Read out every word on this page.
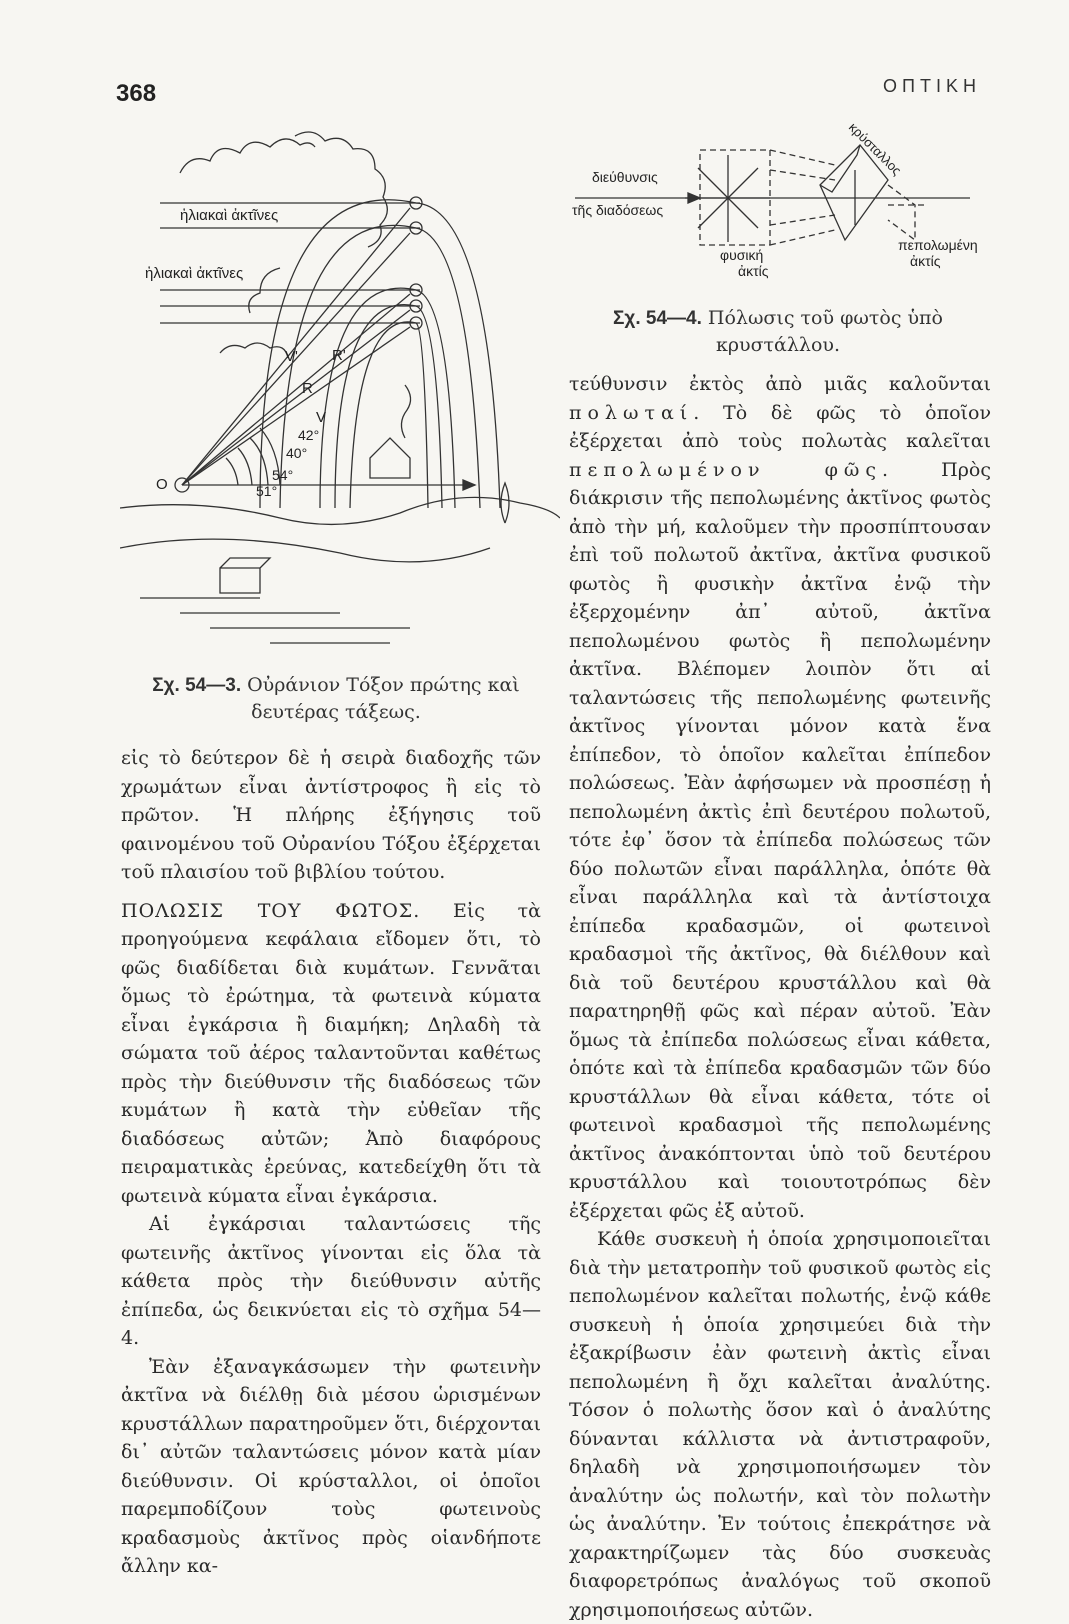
368	ΟΠΤΙΚΗ
ἡλιακαὶ ἀκτῖνες
ἡλιακαὶ ἀκτῖνες
V' R'
R
V
42°
40°
54°
51°
O
Σχ. 54—3. Οὐράνιον Τόξον πρώτης καὶ δευτέρας τάξεως.
κρύσταλλος
διεύθυνσις
τῆς διαδόσεως
φυσική
ἀκτίς
πεπολωμένη
ἀκτίς
Σχ. 54—4. Πόλωσις τοῦ φωτὸς ὑπὸ κρυστάλλου.

εἰς τὸ δεύτερον δὲ ἡ σειρὰ διαδοχῆς τῶν χρωμάτων εἶναι ἀντίστροφος ἢ εἰς τὸ πρῶτον. Ἡ πλήρης ἐξήγησις τοῦ φαινομένου τοῦ Οὐρανίου Τόξου ἐξέρχεται τοῦ πλαισίου τοῦ βιβλίου τούτου.

ΠΟΛΩΣΙΣ ΤΟΥ ΦΩΤΟΣ. Εἰς τὰ προηγούμενα κεφάλαια εἴδομεν ὅτι, τὸ φῶς διαδίδεται διὰ κυμάτων. Γεννᾶται ὅμως τὸ ἐρώτημα, τὰ φωτεινὰ κύματα εἶναι ἐγκάρσια ἢ διαμήκη; Δηλαδὴ τὰ σώματα τοῦ ἀέρος ταλαντοῦνται καθέτως πρὸς τὴν διεύθυνσιν τῆς διαδόσεως τῶν κυμάτων ἢ κατὰ τὴν εὐθεῖαν τῆς διαδόσεως αὐτῶν; Ἀπὸ διαφόρους πειραματικὰς ἐρεύνας, κατεδείχθη ὅτι τὰ φωτεινὰ κύματα εἶναι ἐγκάρσια.

Αἱ ἐγκάρσιαι ταλαντώσεις τῆς φωτεινῆς ἀκτῖνος γίνονται εἰς ὅλα τὰ κάθετα πρὸς τὴν διεύθυνσιν αὐτῆς ἐπίπεδα, ὡς δεικνύεται εἰς τὸ σχῆμα 54—4.

Ἐὰν ἐξαναγκάσωμεν τὴν φωτεινὴν ἀκτῖνα νὰ διέλθῃ διὰ μέσου ὡρισμένων κρυστάλλων παρατηροῦμεν ὅτι, διέρχονται δι᾽ αὐτῶν ταλαντώσεις μόνον κατὰ μίαν διεύθυνσιν. Οἱ κρύσταλλοι, οἱ ὁποῖοι παρεμποδίζουν τοὺς φωτεινοὺς κραδασμοὺς ἀκτῖνος πρὸς οἱανδήποτε ἄλλην κα-

τεύθυνσιν ἐκτὸς ἀπὸ μιᾶς καλοῦνται πολωταί. Τὸ δὲ φῶς τὸ ὁποῖον ἐξέρχεται ἀπὸ τοὺς πολωτὰς καλεῖται πεπολωμένον φῶς. Πρὸς διάκρισιν τῆς πεπολωμένης ἀκτῖνος φωτὸς ἀπὸ τὴν μή, καλοῦμεν τὴν προσπίπτουσαν ἐπὶ τοῦ πολωτοῦ ἀκτῖνα, ἀκτῖνα φυσικοῦ φωτὸς ἢ φυσικὴν ἀκτῖνα ἐνῷ τὴν ἐξερχομένην ἀπ᾽ αὐτοῦ, ἀκτῖνα πεπολωμένου φωτὸς ἢ πεπολωμένην ἀκτῖνα. Βλέπομεν λοιπὸν ὅτι αἱ ταλαντώσεις τῆς πεπολωμένης φωτεινῆς ἀκτῖνος γίνονται μόνον κατὰ ἕνα ἐπίπεδον, τὸ ὁποῖον καλεῖται ἐπίπεδον πολώσεως. Ἐὰν ἀφήσωμεν νὰ προσπέσῃ ἡ πεπολωμένη ἀκτὶς ἐπὶ δευτέρου πολωτοῦ, τότε ἐφ᾽ ὅσον τὰ ἐπίπεδα πολώσεως τῶν δύο πολωτῶν εἶναι παράλληλα, ὁπότε θὰ εἶναι παράλληλα καὶ τὰ ἀντίστοιχα ἐπίπεδα κραδασμῶν, οἱ φωτεινοὶ κραδασμοὶ τῆς ἀκτῖνος, θὰ διέλθουν καὶ διὰ τοῦ δευτέρου κρυστάλλου καὶ θὰ παρατηρηθῇ φῶς καὶ πέραν αὐτοῦ. Ἐὰν ὅμως τὰ ἐπίπεδα πολώσεως εἶναι κάθετα, ὁπότε καὶ τὰ ἐπίπεδα κραδασμῶν τῶν δύο κρυστάλλων θὰ εἶναι κάθετα, τότε οἱ φωτεινοὶ κραδασμοὶ τῆς πεπολωμένης ἀκτῖνος ἀνακόπτονται ὑπὸ τοῦ δευτέρου κρυστάλλου καὶ τοιουτοτρόπως δὲν ἐξέρχεται φῶς ἐξ αὐτοῦ.

Κάθε συσκευὴ ἡ ὁποία χρησιμοποιεῖται διὰ τὴν μετατροπὴν τοῦ φυσικοῦ φωτὸς εἰς πεπολωμένον καλεῖται πολωτής, ἐνῷ κάθε συσκευὴ ἡ ὁποία χρησιμεύει διὰ τὴν ἐξακρίβωσιν ἐὰν φωτεινὴ ἀκτὶς εἶναι πεπολωμένη ἢ ὄχι καλεῖται ἀναλύτης. Τόσον ὁ πολωτὴς ὅσον καὶ ὁ ἀναλύτης δύνανται κάλλιστα νὰ ἀντιστραφοῦν, δηλαδὴ νὰ χρησιμοποιήσωμεν τὸν ἀναλύτην ὡς πολωτήν, καὶ τὸν πολωτὴν ὡς ἀναλύτην. Ἐν τούτοις ἐπεκράτησε νὰ χαρακτηρίζωμεν τὰς δύο συσκευὰς διαφορετρόπως ἀναλόγως τοῦ σκοποῦ χρησιμοποιήσεως αὐτῶν.
